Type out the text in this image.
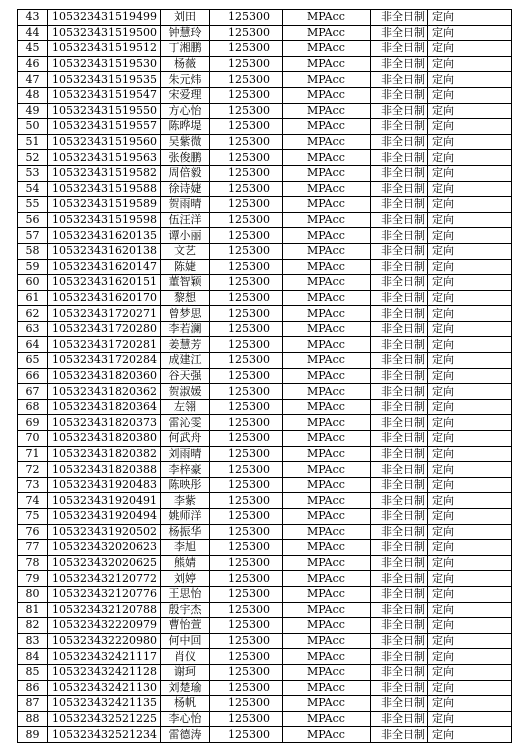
43	105323431519499	刘田	125300	MPAcc	非全日制	定向
44	105323431519500	钟慧玲	125300	MPAcc	非全日制	定向
45	105323431519512	丁湘鹏	125300	MPAcc	非全日制	定向
46	105323431519530	杨薇	125300	MPAcc	非全日制	定向
47	105323431519535	朱元炜	125300	MPAcc	非全日制	定向
48	105323431519547	宋爱理	125300	MPAcc	非全日制	定向
49	105323431519550	方心怡	125300	MPAcc	非全日制	定向
50	105323431519557	陈晔堤	125300	MPAcc	非全日制	定向
51	105323431519560	吴紫微	125300	MPAcc	非全日制	定向
52	105323431519563	张俊鹏	125300	MPAcc	非全日制	定向
53	105323431519582	周倍毅	125300	MPAcc	非全日制	定向
54	105323431519588	徐诗婕	125300	MPAcc	非全日制	定向
55	105323431519589	贺雨晴	125300	MPAcc	非全日制	定向
56	105323431519598	伍汪洋	125300	MPAcc	非全日制	定向
57	105323431620135	谭小丽	125300	MPAcc	非全日制	定向
58	105323431620138	文艺	125300	MPAcc	非全日制	定向
59	105323431620147	陈婕	125300	MPAcc	非全日制	定向
60	105323431620151	董智颖	125300	MPAcc	非全日制	定向
61	105323431620170	黎想	125300	MPAcc	非全日制	定向
62	105323431720271	曾梦思	125300	MPAcc	非全日制	定向
63	105323431720280	李若澜	125300	MPAcc	非全日制	定向
64	105323431720281	姜慧芳	125300	MPAcc	非全日制	定向
65	105323431720284	成建江	125300	MPAcc	非全日制	定向
66	105323431820360	谷天强	125300	MPAcc	非全日制	定向
67	105323431820362	贺淑媛	125300	MPAcc	非全日制	定向
68	105323431820364	左翎	125300	MPAcc	非全日制	定向
69	105323431820373	雷沁雯	125300	MPAcc	非全日制	定向
70	105323431820380	何武舟	125300	MPAcc	非全日制	定向
71	105323431820382	刘雨晴	125300	MPAcc	非全日制	定向
72	105323431820388	李梓豪	125300	MPAcc	非全日制	定向
73	105323431920483	陈映彤	125300	MPAcc	非全日制	定向
74	105323431920491	李紫	125300	MPAcc	非全日制	定向
75	105323431920494	姚师洋	125300	MPAcc	非全日制	定向
76	105323431920502	杨振华	125300	MPAcc	非全日制	定向
77	105323432020623	李旭	125300	MPAcc	非全日制	定向
78	105323432020625	熊婧	125300	MPAcc	非全日制	定向
79	105323432120772	刘婷	125300	MPAcc	非全日制	定向
80	105323432120776	王思怡	125300	MPAcc	非全日制	定向
81	105323432120788	殷宇杰	125300	MPAcc	非全日制	定向
82	105323432220979	曹怡萱	125300	MPAcc	非全日制	定向
83	105323432220980	何中回	125300	MPAcc	非全日制	定向
84	105323432421117	肖仪	125300	MPAcc	非全日制	定向
85	105323432421128	谢珂	125300	MPAcc	非全日制	定向
86	105323432421130	刘楚瑜	125300	MPAcc	非全日制	定向
87	105323432421135	杨帆	125300	MPAcc	非全日制	定向
88	105323432521225	李心怡	125300	MPAcc	非全日制	定向
89	105323432521234	雷德涛	125300	MPAcc	非全日制	定向
